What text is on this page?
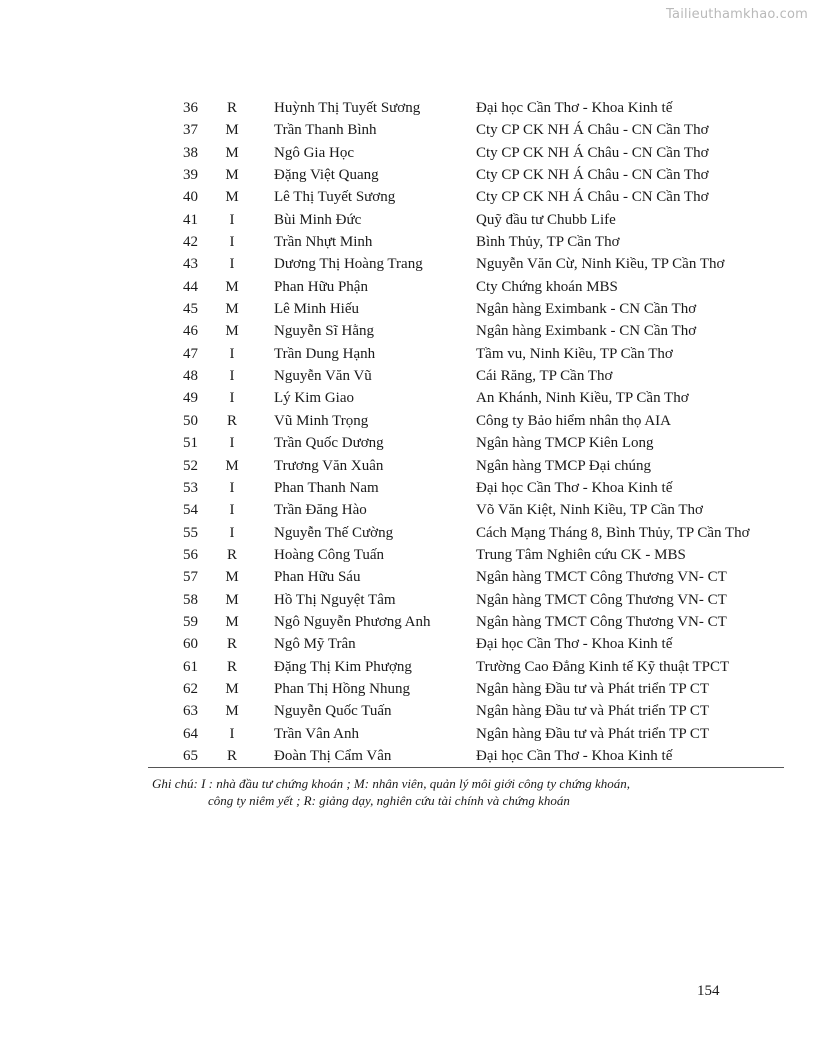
Tailieuthamkhao.com
36	R	Huỳnh Thị Tuyết Sương	Đại học Cần Thơ - Khoa Kinh tế
37	M	Trần Thanh Bình	Cty CP CK NH Á Châu - CN Cần Thơ
38	M	Ngô Gia Học	Cty CP CK NH Á Châu - CN Cần Thơ
39	M	Đặng Việt Quang	Cty CP CK NH Á Châu - CN Cần Thơ
40	M	Lê Thị Tuyết Sương	Cty CP CK NH Á Châu - CN Cần Thơ
41	I	Bùi Minh Đức	Quỹ đầu tư Chubb Life
42	I	Trần Nhựt Minh	Bình Thủy, TP Cần Thơ
43	I	Dương Thị Hoàng Trang	Nguyễn Văn Cừ, Ninh Kiều, TP Cần Thơ
44	M	Phan Hữu Phận	Cty Chứng khoán MBS
45	M	Lê Minh Hiếu	Ngân hàng Eximbank - CN Cần Thơ
46	M	Nguyễn Sĩ Hằng	Ngân hàng Eximbank - CN Cần Thơ
47	I	Trần Dung Hạnh	Tầm vu, Ninh Kiều, TP Cần Thơ
48	I	Nguyễn Văn Vũ	Cái Răng, TP Cần Thơ
49	I	Lý Kim Giao	An Khánh, Ninh Kiều, TP Cần Thơ
50	R	Vũ Minh Trọng	Công ty Bảo hiểm nhân thọ AIA
51	I	Trần Quốc Dương	Ngân hàng TMCP Kiên Long
52	M	Trương Văn Xuân	Ngân hàng TMCP Đại chúng
53	I	Phan Thanh Nam	Đại học Cần Thơ - Khoa Kinh tế
54	I	Trần Đăng Hào	Võ Văn Kiệt, Ninh Kiều, TP Cần Thơ
55	I	Nguyễn Thế Cường	Cách Mạng Tháng 8, Bình Thủy, TP Cần Thơ
56	R	Hoàng Công Tuấn	Trung Tâm Nghiên cứu CK - MBS
57	M	Phan Hữu Sáu	Ngân hàng TMCT Công Thương VN- CT
58	M	Hồ Thị Nguyệt Tâm	Ngân hàng TMCT Công Thương VN- CT
59	M	Ngô Nguyễn Phương Anh	Ngân hàng TMCT Công Thương VN- CT
60	R	Ngô Mỹ Trân	Đại học Cần Thơ - Khoa Kinh tế
61	R	Đặng Thị Kim Phượng	Trường Cao Đẳng Kinh tế Kỹ thuật TPCT
62	M	Phan Thị Hồng Nhung	Ngân hàng Đầu tư và Phát triển TP CT
63	M	Nguyễn Quốc Tuấn	Ngân hàng Đầu tư và Phát triển TP CT
64	I	Trần Vân Anh	Ngân hàng Đầu tư và Phát triển TP CT
65	R	Đoàn Thị Cẩm Vân	Đại học Cần Thơ - Khoa Kinh tế
Ghi chú: I : nhà đầu tư chứng khoán ; M: nhân viên, quản lý môi giới công ty chứng khoán,
công ty niêm yết ; R: giảng dạy, nghiên cứu tài chính và chứng khoán
154
